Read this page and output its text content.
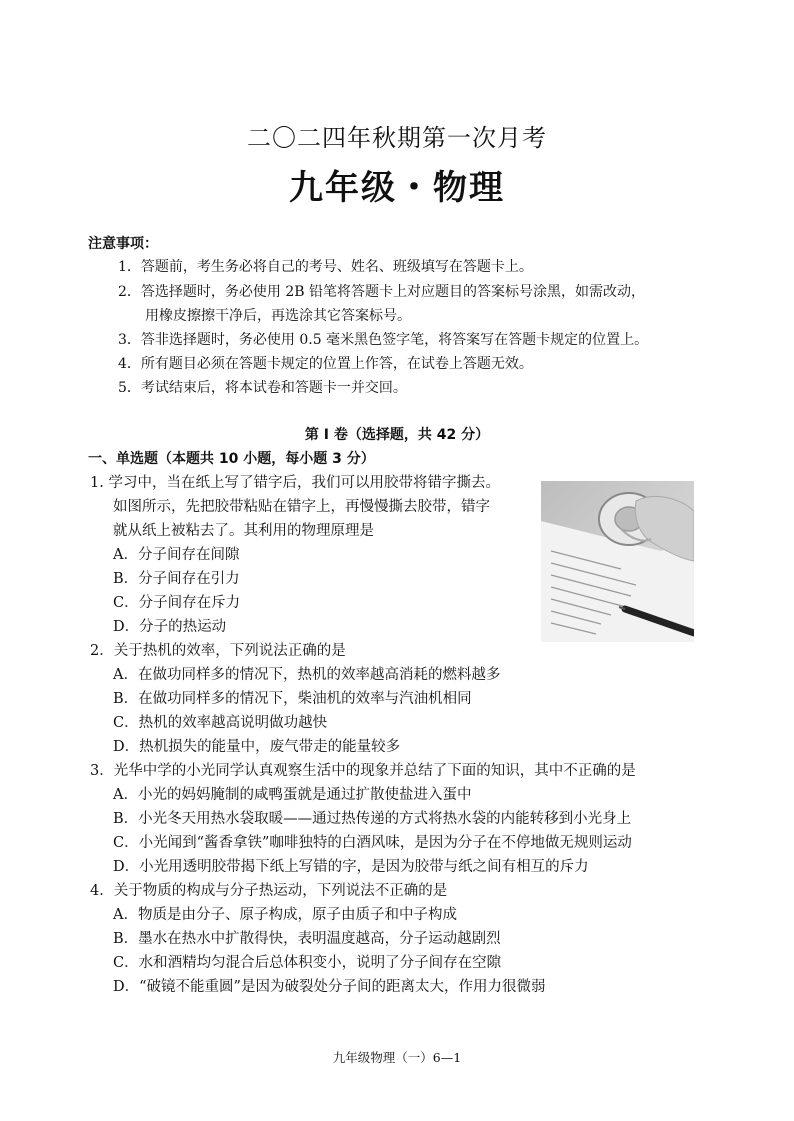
二〇二四年秋期第一次月考
九年级・物理
注意事项：
1．答题前，考生务必将自己的考号、姓名、班级填写在答题卡上。
2．答选择题时，务必使用 2B 铅笔将答题卡上对应题目的答案标号涂黑，如需改动，
用橡皮擦擦干净后，再选涂其它答案标号。
3．答非选择题时，务必使用 0.5 毫米黑色签字笔，将答案写在答题卡规定的位置上。
4．所有题目必须在答题卡规定的位置上作答，在试卷上答题无效。
5．考试结束后，将本试卷和答题卡一并交回。
第 I 卷（选择题，共 42 分）
一、单选题（本题共 10 小题，每小题 3 分）
1. 学习中，当在纸上写了错字后，我们可以用胶带将错字撕去。
如图所示，先把胶带粘贴在错字上，再慢慢撕去胶带，错字
就从纸上被粘去了。其利用的物理原理是
A．分子间存在间隙
B．分子间存在引力
C．分子间存在斥力
D．分子的热运动
2．关于热机的效率，下列说法正确的是
A．在做功同样多的情况下，热机的效率越高消耗的燃料越多
B．在做功同样多的情况下，柴油机的效率与汽油机相同
C．热机的效率越高说明做功越快
D．热机损失的能量中，废气带走的能量较多
3．光华中学的小光同学认真观察生活中的现象并总结了下面的知识，其中不正确的是
A．小光的妈妈腌制的咸鸭蛋就是通过扩散使盐进入蛋中
B．小光冬天用热水袋取暖——通过热传递的方式将热水袋的内能转移到小光身上
C．小光闻到“酱香拿铁”咖啡独特的白酒风味，是因为分子在不停地做无规则运动
D．小光用透明胶带揭下纸上写错的字，是因为胶带与纸之间有相互的斥力
4．关于物质的构成与分子热运动，下列说法不正确的是
A．物质是由分子、原子构成，原子由质子和中子构成
B．墨水在热水中扩散得快，表明温度越高，分子运动越剧烈
C．水和酒精均匀混合后总体积变小，说明了分子间存在空隙
D．“破镜不能重圆”是因为破裂处分子间的距离太大，作用力很微弱
九年级物理（一）6—1
